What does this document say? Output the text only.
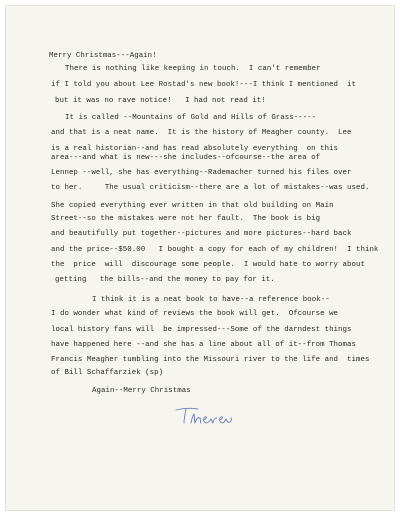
Merry Christmas---Again!
There is nothing like keeping in touch.  I can't remember
if I told you about Lee Rostad's new book!---I think I mentioned  it
but it was no rave notice!   I had not read it!
It is called --Mountains of Gold and Hills of Grass-----
and that is a neat name.  It is the history of Meagher county.  Lee
is a real historian--and has read absolutely everything  on this
area---and what is new---she includes--ofcourse--the area of
Lennep --well, she has everything--Rademacher turned his files over
to her.     The usual criticism--there are a lot of mistakes--was used.
She copied everything ever written in that old building on Main
Street--so the mistakes were not her fault.  The book is big
and beautifully put together--pictures and more pictures--hard back
and the price--$50.00   I bought a copy for each of my children!  I think
the  price  will  discourage some people.  I would hate to worry about
getting   the bills--and the money to pay for it.
I think it is a neat book to have--a reference book--
I do wonder what kind of reviews the book will get.  Ofcourse we
local history fans will  be impressed---Some of the darndest things
have happened here --and she has a line about all of it--from Thomas
Francis Meagher tumbling into the Missouri river to the life and  times
of Bill Schaffarziek (sp)
Again--Merry Christmas
